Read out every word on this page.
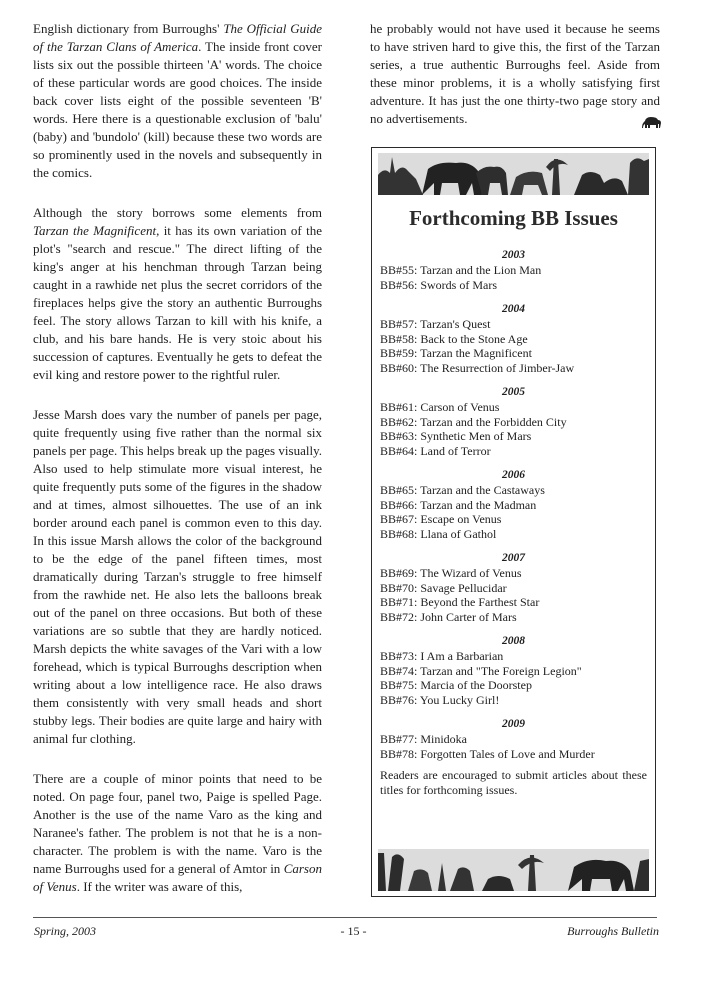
English dictionary from Burroughs' The Official Guide of the Tarzan Clans of America. The inside front cover lists six out the possible thirteen 'A' words. The choice of these particular words are good choices. The inside back cover lists eight of the possible seventeen 'B' words. Here there is a questionable exclusion of 'balu' (baby) and 'bundolo' (kill) because these two words are so prominently used in the novels and subsequently in the comics.

Although the story borrows some elements from Tarzan the Magnificent, it has its own variation of the plot's "search and rescue." The direct lifting of the king's anger at his henchman through Tarzan being caught in a rawhide net plus the secret corridors of the fireplaces helps give the story an authentic Burroughs feel. The story allows Tarzan to kill with his knife, a club, and his bare hands. He is very stoic about his succession of captures. Eventually he gets to defeat the evil king and restore power to the rightful ruler.

Jesse Marsh does vary the number of panels per page, quite frequently using five rather than the normal six panels per page. This helps break up the pages visually. Also used to help stimulate more visual interest, he quite frequently puts some of the figures in the shadow and at times, almost silhouettes. The use of an ink border around each panel is common even to this day. In this issue Marsh allows the color of the background to be the edge of the panel fifteen times, most dramatically during Tarzan's struggle to free himself from the rawhide net. He also lets the balloons break out of the panel on three occasions. But both of these variations are so subtle that they are hardly noticed. Marsh depicts the white savages of the Vari with a low forehead, which is typical Burroughs description when writing about a low intelligence race. He also draws them consistently with very small heads and short stubby legs. Their bodies are quite large and hairy with animal fur clothing.

There are a couple of minor points that need to be noted. On page four, panel two, Paige is spelled Page. Another is the use of the name Varo as the king and Naranee's father. The problem is not that he is a non-character. The problem is with the name. Varo is the name Burroughs used for a general of Amtor in Carson of Venus. If the writer was aware of this,

he probably would not have used it because he seems to have striven hard to give this, the first of the Tarzan series, a true authentic Burroughs feel. Aside from these minor problems, it is a wholly satisfying first adventure. It has just the one thirty-two page story and no advertisements.

Forthcoming BB Issues
2003
BB#55: Tarzan and the Lion Man
BB#56: Swords of Mars
2004
BB#57: Tarzan's Quest
BB#58: Back to the Stone Age
BB#59: Tarzan the Magnificent
BB#60: The Resurrection of Jimber-Jaw
2005
BB#61: Carson of Venus
BB#62: Tarzan and the Forbidden City
BB#63: Synthetic Men of Mars
BB#64: Land of Terror
2006
BB#65: Tarzan and the Castaways
BB#66: Tarzan and the Madman
BB#67: Escape on Venus
BB#68: Llana of Gathol
2007
BB#69: The Wizard of Venus
BB#70: Savage Pellucidar
BB#71: Beyond the Farthest Star
BB#72: John Carter of Mars
2008
BB#73: I Am a Barbarian
BB#74: Tarzan and "The Foreign Legion"
BB#75: Marcia of the Doorstep
BB#76: You Lucky Girl!
2009
BB#77: Minidoka
BB#78: Forgotten Tales of Love and Murder
Readers are encouraged to submit articles about these titles for forthcoming issues.
Spring, 2003	- 15 -	Burroughs Bulletin
